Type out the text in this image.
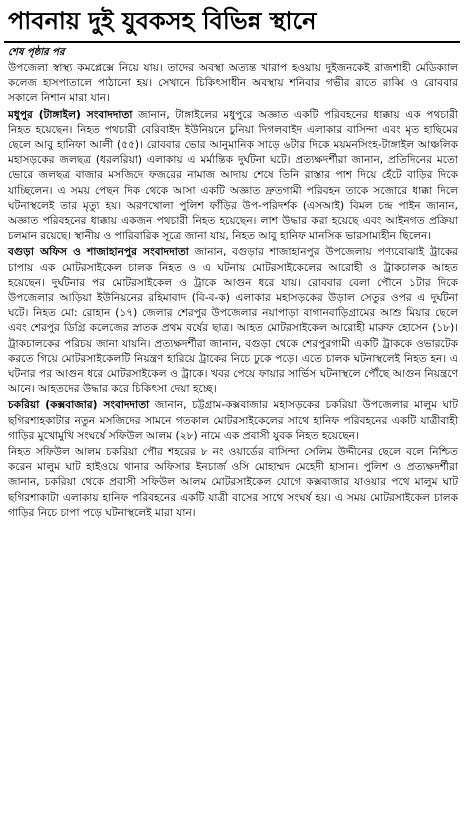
পাবনায় দুই যুবকসহ বিভিন্ন স্থানে
শেষ পৃষ্ঠার পর

উপজেলা স্বাস্থ্য কমপ্লেক্সে নিয়ে যায়। তাদের অবস্থা অত্যন্ত খারাপ হওয়ায় দুইজনকেই রাজশাহী মেডিক্যাল কলেজ হাসপাতালে পাঠানো হয়। সেখানে চিকিৎসাধীন অবস্থায় শনিবার গভীর রাতে রাব্বি ও রোববার সকালে নিশান মারা যান।

মধুপুর (টাঙ্গাইল) সংবাদদাতা জানান, টাঙ্গাইলের মধুপুরে অজ্ঞাত একটি পরিবহনের ধাক্কায় এক পথচারী নিহত হয়েছেন। নিহত পথচারী বেরিবাইদ ইউনিয়নে চুনিয়া দিগলবাইদ এলাকার বাসিন্দা এবং মৃত হাছিমের ছেলে আবু হানিফা আলী (৫৫)। রোববার ভোর আনুমানিক সাড়ে ৬টার দিকে ময়মনসিংহ-টাঙ্গাইল আঞ্চলিক মহাসড়কের জলছত্র (ধরলরিয়া) এলাকায় এ মর্মান্তিক দুর্ঘটনা ঘটে। প্রত্যক্ষদর্শীরা জানান, প্রতিদিনের মতো ভোরে জলছত্র বাজার মসজিদে ফজরের নামাজ আদায় শেষে তিনি রাস্তার পাশ দিয়ে হেঁটে বাড়ির দিকে যাচ্ছিলেন। এ সময় পেছন দিক থেকে আসা একটি অজ্ঞাত দ্রুতগামী পরিবহন তাকে সজোরে ধাক্কা দিলে ঘটনাস্থলেই তার মৃত্যু হয়। অরণখোলা পুলিশ ফাঁড়ির উপ-পরিদর্শক (এসআই) বিমল চন্দ্র পাইন জানান, অজ্ঞাত পরিবহনের ধাক্কায় একজন পথচারী নিহত হয়েছেন। লাশ উদ্ধার করা হয়েছে এবং আইনগত প্রক্রিয়া চলমান রয়েছে। স্থানীয় ও পারিবারিক সূত্রে জানা যায়, নিহত আবু হানিফ মানসিক ভারসাম্যহীন ছিলেন।

বগুড়া অফিস ও শাজাহানপুর সংবাদদাতা জানান, বগুড়ার শাজাহানপুর উপজেলায় পণ্যবোঝাই ট্রাকের চাপায় এক মোটরসাইকেল চালক নিহত ও এ ঘটনায় মোটরসাইকেলের আরোহী ও ট্রাকচালক আহত হয়েছেন। দুর্ঘটনার পর মোটরসাইকেল ও ট্রাকে আগুন ধরে যায়। রোববার বেলা পৌনে ১টার দিকে উপজেলার আড়িয়া ইউনিয়নের রহিমাবাদ (বি-ব-ক) এলাকার মহাসড়কের উড়াল সেতুর ওপর এ দুর্ঘটনা ঘটে। নিহত মো: রোহান (১৭) জেলার শেরপুর উপজেলার নয়াপাড়া বাগানবাড়িগ্রামের আশু মিয়ার ছেলে এবং শেরপুর ডিগ্রি কলেজের স্নাতক প্রথম বর্ষের ছাত্র। আহত মোটরসাইকেল আরোহী মারুফ হোসেন (১৮)। ট্রাকচালকের পরিচয় জানা যায়নি। প্রত্যক্ষদর্শীরা জানান, বগুড়া থেকে শেরপুরগামী একটি ট্রাককে ওভারটেক করতে গিয়ে মোটরসাইকেলটি নিয়ন্ত্রণ হারিয়ে ট্রাকের নিচে ঢুকে পড়ে। এতে চালক ঘটনাস্থলেই নিহত হন। এ ঘটনার পর আগুন ধরে মোটরসাইকেল ও ট্রাকে। খবর পেয়ে ফায়ার সার্ভিস ঘটনাস্থলে পৌঁছে আগুন নিয়ন্ত্রণে আনে। আহতদের উদ্ধার করে চিকিৎসা দেয়া হচ্ছে।

চকরিয়া (কক্সবাজার) সংবাদদাতা জানান, চট্টগ্রাম-কক্সবাজার মহাসড়কের চকরিয়া উপজেলার মালুম ঘাট ছগিরশাহকাটার নতুন মসজিদের সামনে গতকাল মোটরসাইকেলের সাথে হানিফ পরিবহনের একটি যাত্রীবাহী গাড়ির মুখোমুখি সংঘর্ষে সফিউল আলম (২৮) নামে এক প্রবাসী যুবক নিহত হয়েছেন।

নিহত সফিউল আলম চকরিয়া পৌর শহরের ৮ নং ওয়ার্ডের বাসিন্দা সেলিম উদ্দীনের ছেলে বলে নিশ্চিত করেন মালুম ঘাট হাইওয়ে থানার অফিসার ইনচার্জ ওসি মোহাম্মদ মেহেদী হাসান। পুলিশ ও প্রত্যক্ষদর্শীরা জানান, চকরিয়া থেকে প্রবাসী সফিউল আলম মোটরসাইকেল যোগে কক্সবাজার যাওয়ার পথে মালুম ঘাট ছগিরশাকাটা এলাকায় হানিফ পরিবহনের একটি যাত্রী বাসের সাথে সংঘর্ষ হয়। এ সময় মোটরসাইকেল চালক গাড়ির নিচে চাপা পড়ে ঘটনাস্থলেই মারা যান।
